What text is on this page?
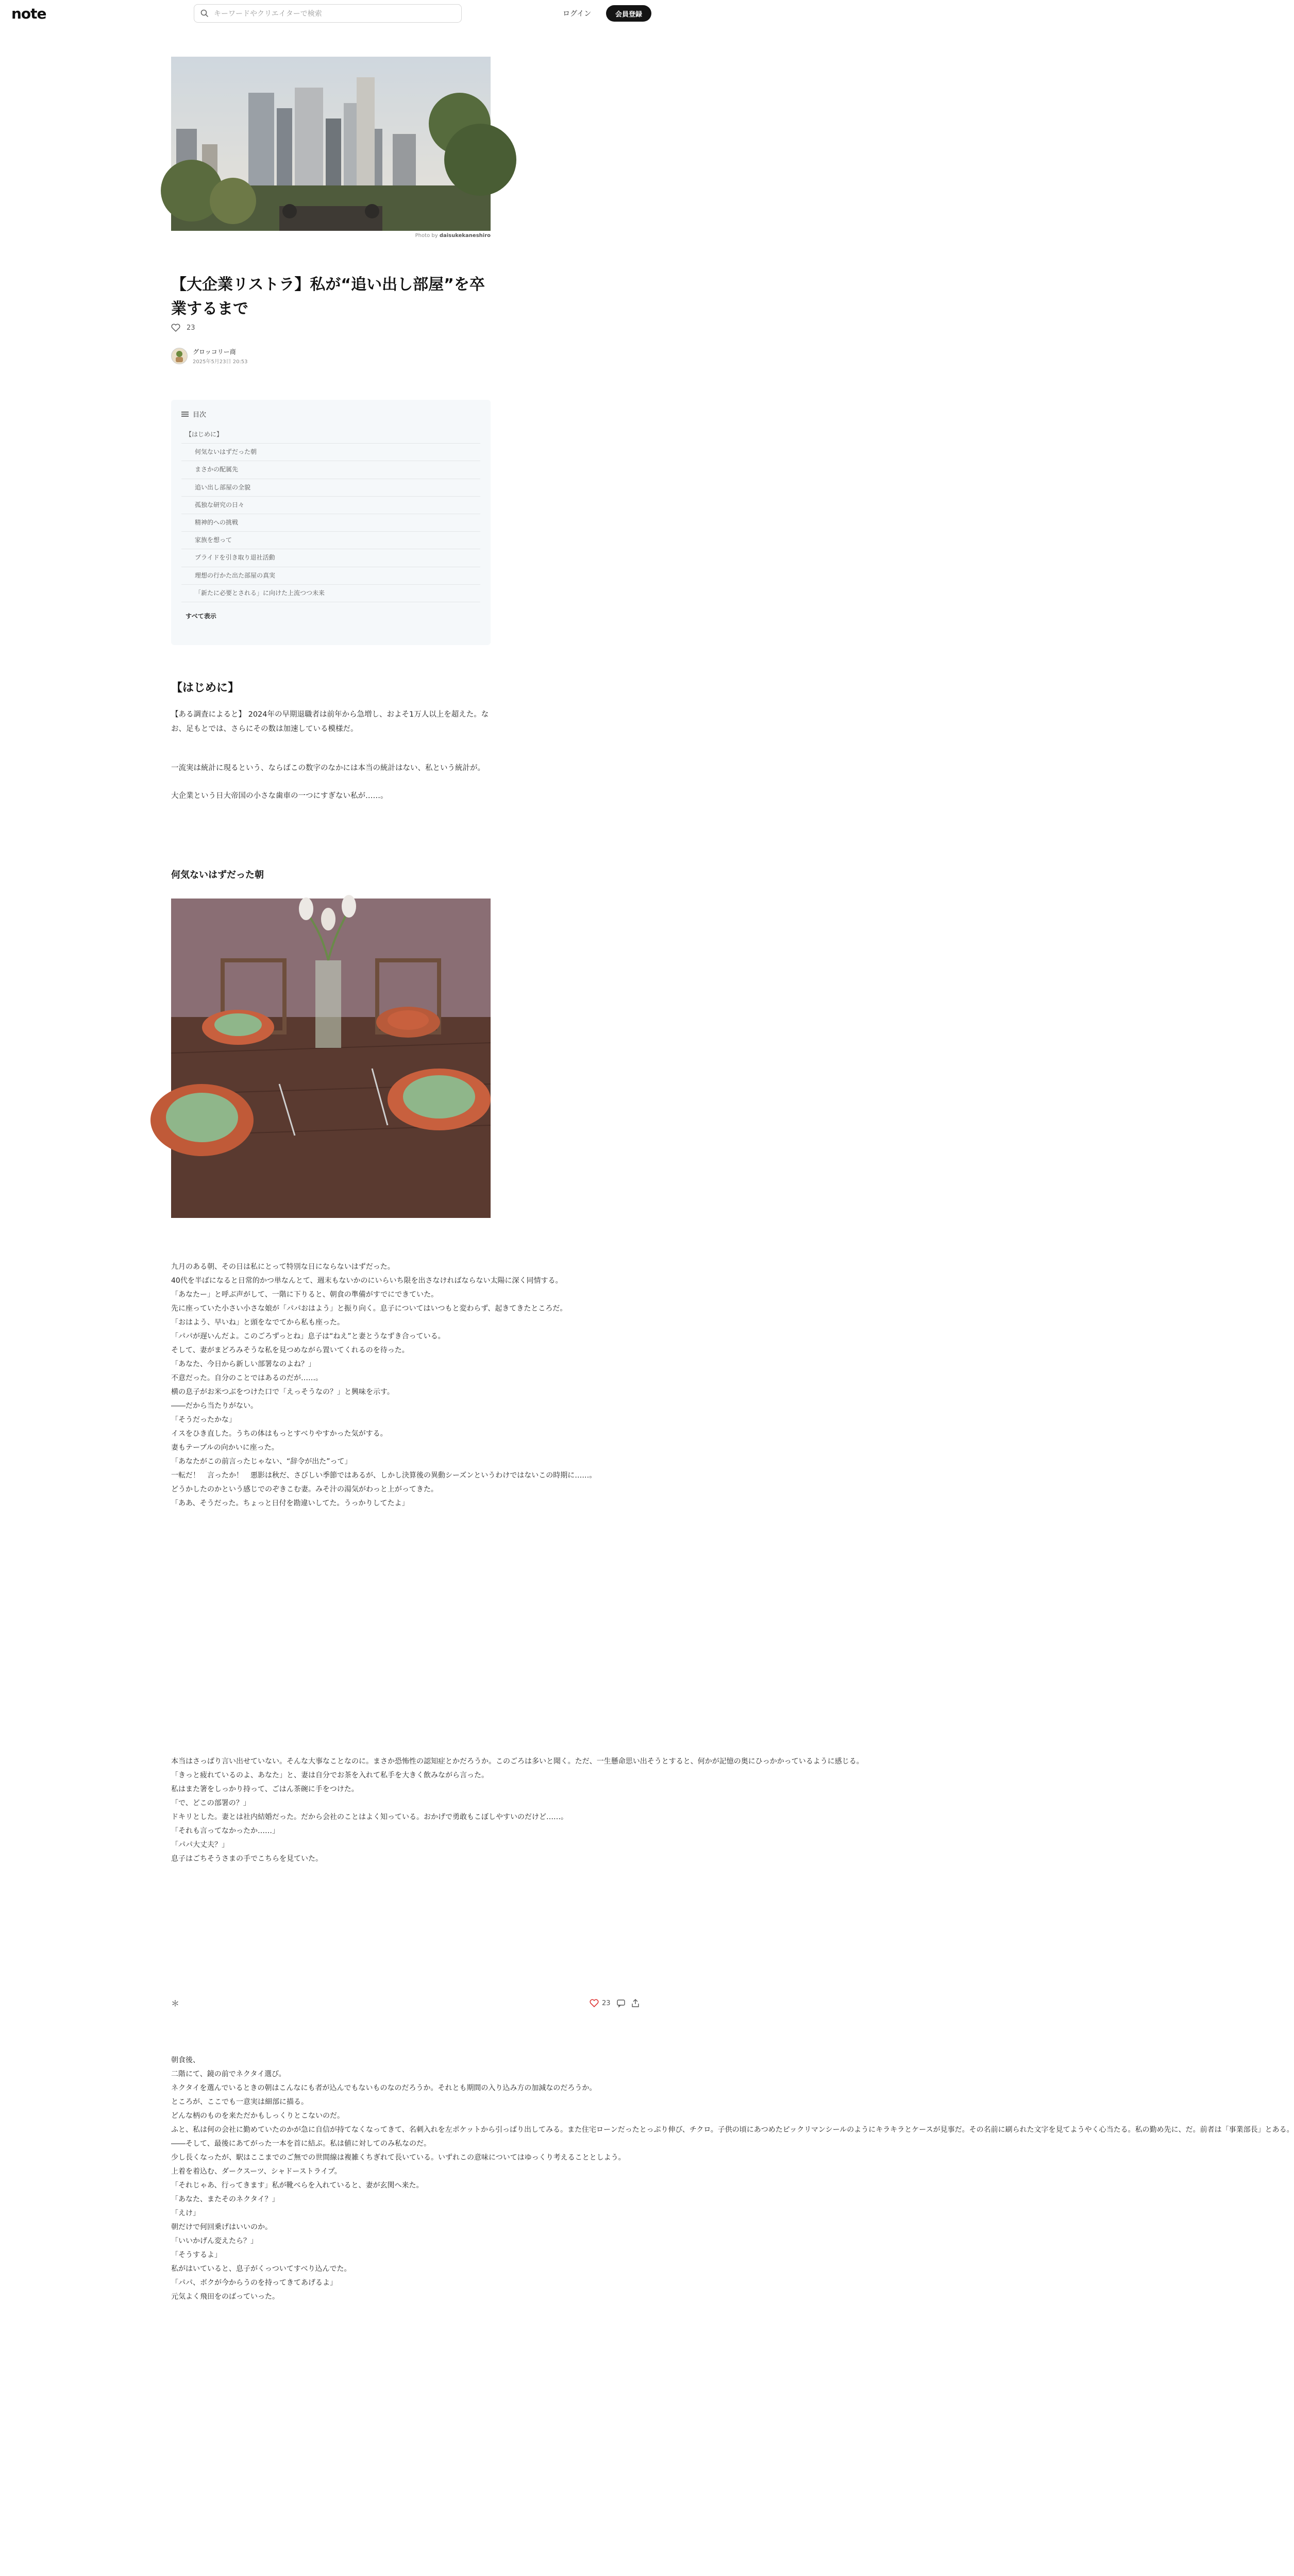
note	キーワードやクリエイターで検索	ログイン	会員登録
Photo by daisukekaneshiro
【大企業リストラ】私が“追い出し部屋”を卒業するまで
23
グロッコリー商
2025年5月23日 20:53
目次
【はじめに】
何気ないはずだった朝
まさかの配属先
追い出し部屋の全貌
孤独な研究の日々
精神的への挑戦
家族を想って
プライドを引き取り退社活動
理想の行かた出た部屋の真実
「新たに必要とされる」に向けた上流つつ未来
すべて表示
【はじめに】

【ある調査によると】 2024年の早期退職者は前年から急増し、およそ1万人以上を超えた。なお、足もとでは、さらにその数は加速している模様だ。

一流実は統計に現るという、ならばこの数字のなかには本当の統計はない、私という統計が。

大企業という日大帝国の小さな歯車の一つにすぎない私が……。

何気ないはずだった朝
九月のある朝、その日は私にとって特別な日にならないはずだった。
40代を半ばになると日常的かつ単なんとて、週末もないかのにいらいち限を出さなければならない太陽に深く同情する。
「あなたー」と呼ぶ声がして、一階に下りると、朝食の準備がすでにできていた。
先に座っていた小さい小さな娘が「パパおはよう」と振り向く。息子についてはいつもと変わらず、起きてきたところだ。
「おはよう、早いね」と頭をなでてから私も座った。
「パパが遅いんだよ。このごろずっとね」息子は“ねえ”と妻とうなずき合っている。
そして、妻がまどろみそうな私を見つめながら置いてくれるのを待った。
「あなた、今日から新しい部署なのよね？」
不意だった。自分のことではあるのだが……。
横の息子がお米つぶをつけた口で「えっそうなの？」と興味を示す。
――だから当たりがない。
「そうだったかな」
イスをひき直した。うちの体はもっとすべりやすかった気がする。
妻もテーブルの向かいに座った。
「あなたがこの前言ったじゃない、“辞令が出た”って」
一転だ！　言ったか！　悪影は秋だ、さびしい季節ではあるが、しかし決算後の異動シーズンというわけではないこの時期に……。
どうかしたのかという感じでのぞきこむ妻。みそ汁の湯気がわっと上がってきた。
「ああ、そうだった。ちょっと日付を勘違いしてた。うっかりしてたよ」
本当はさっぱり言い出せていない。そんな大事なことなのに。まさか恐怖性の認知症とかだろうか。このごろは多いと聞く。ただ、一生懸命思い出そうとすると、何かが記憶の奥にひっかかっているように感じる。
「きっと疲れているのよ、あなた」と、妻は自分でお茶を入れて私手を大きく飲みながら言った。
私はまた箸をしっかり持って、ごはん茶碗に手をつけた。
「で、どこの部署の？」
ドキリとした。妻とは社内結婚だった。だから会社のことはよく知っている。おかげで勇敢もこぼしやすいのだけど……。
「それも言ってなかったか……」
「パパ大丈夫？」
息子はごちそうさまの手でこちらを見ていた。
＊	23
朝食後、
二階にて、鏡の前でネクタイ選び。
ネクタイを選んでいるときの朝はこんなにも者が込んでもないものなのだろうか。それとも期間の入り込み方の加減なのだろうか。
ところが、ここでも一意実は細部に描る。
どんな柄のものを来ただかもしっくりとこないのだ。
ふと、私は何の会社に勤めていたのかが急に自信が持てなくなってきて、名刺入れを左ポケットから引っぱり出してみる。また住宅ローンだったとっぷり伸び、チクロ。子供の頃にあつめたピックリマンシールのようにキラキラとケースが見事だ。その名前に刷られた文字を見てようやく心当たる。私の勤め先に、だ。前者は「事業部長」とある。
――そして、最後にあてがった一本を首に結ぶ。私は値に対してのみ私なのだ。
少し長くなったが、駅はここまでのご無での世間線は複雑くちぎれて長いている。いずれこの意味についてはゆっくり考えることとしよう。
上着を着込む、ダークスーツ、シャドーストライプ。
「それじゃあ、行ってきます」私が靴べらを入れていると、妻が玄関へ来た。
「あなた、またそのネクタイ？」
「えけ」
朝だけで何回乗げはいいのか。
「いいかげん変えたら？」
「そうするよ」
私がはいていると、息子がくっついてすべり込んでた。
「パパ、ボクが今からうのを持ってきてあげるよ」
元気よく飛田をのばっていった。
